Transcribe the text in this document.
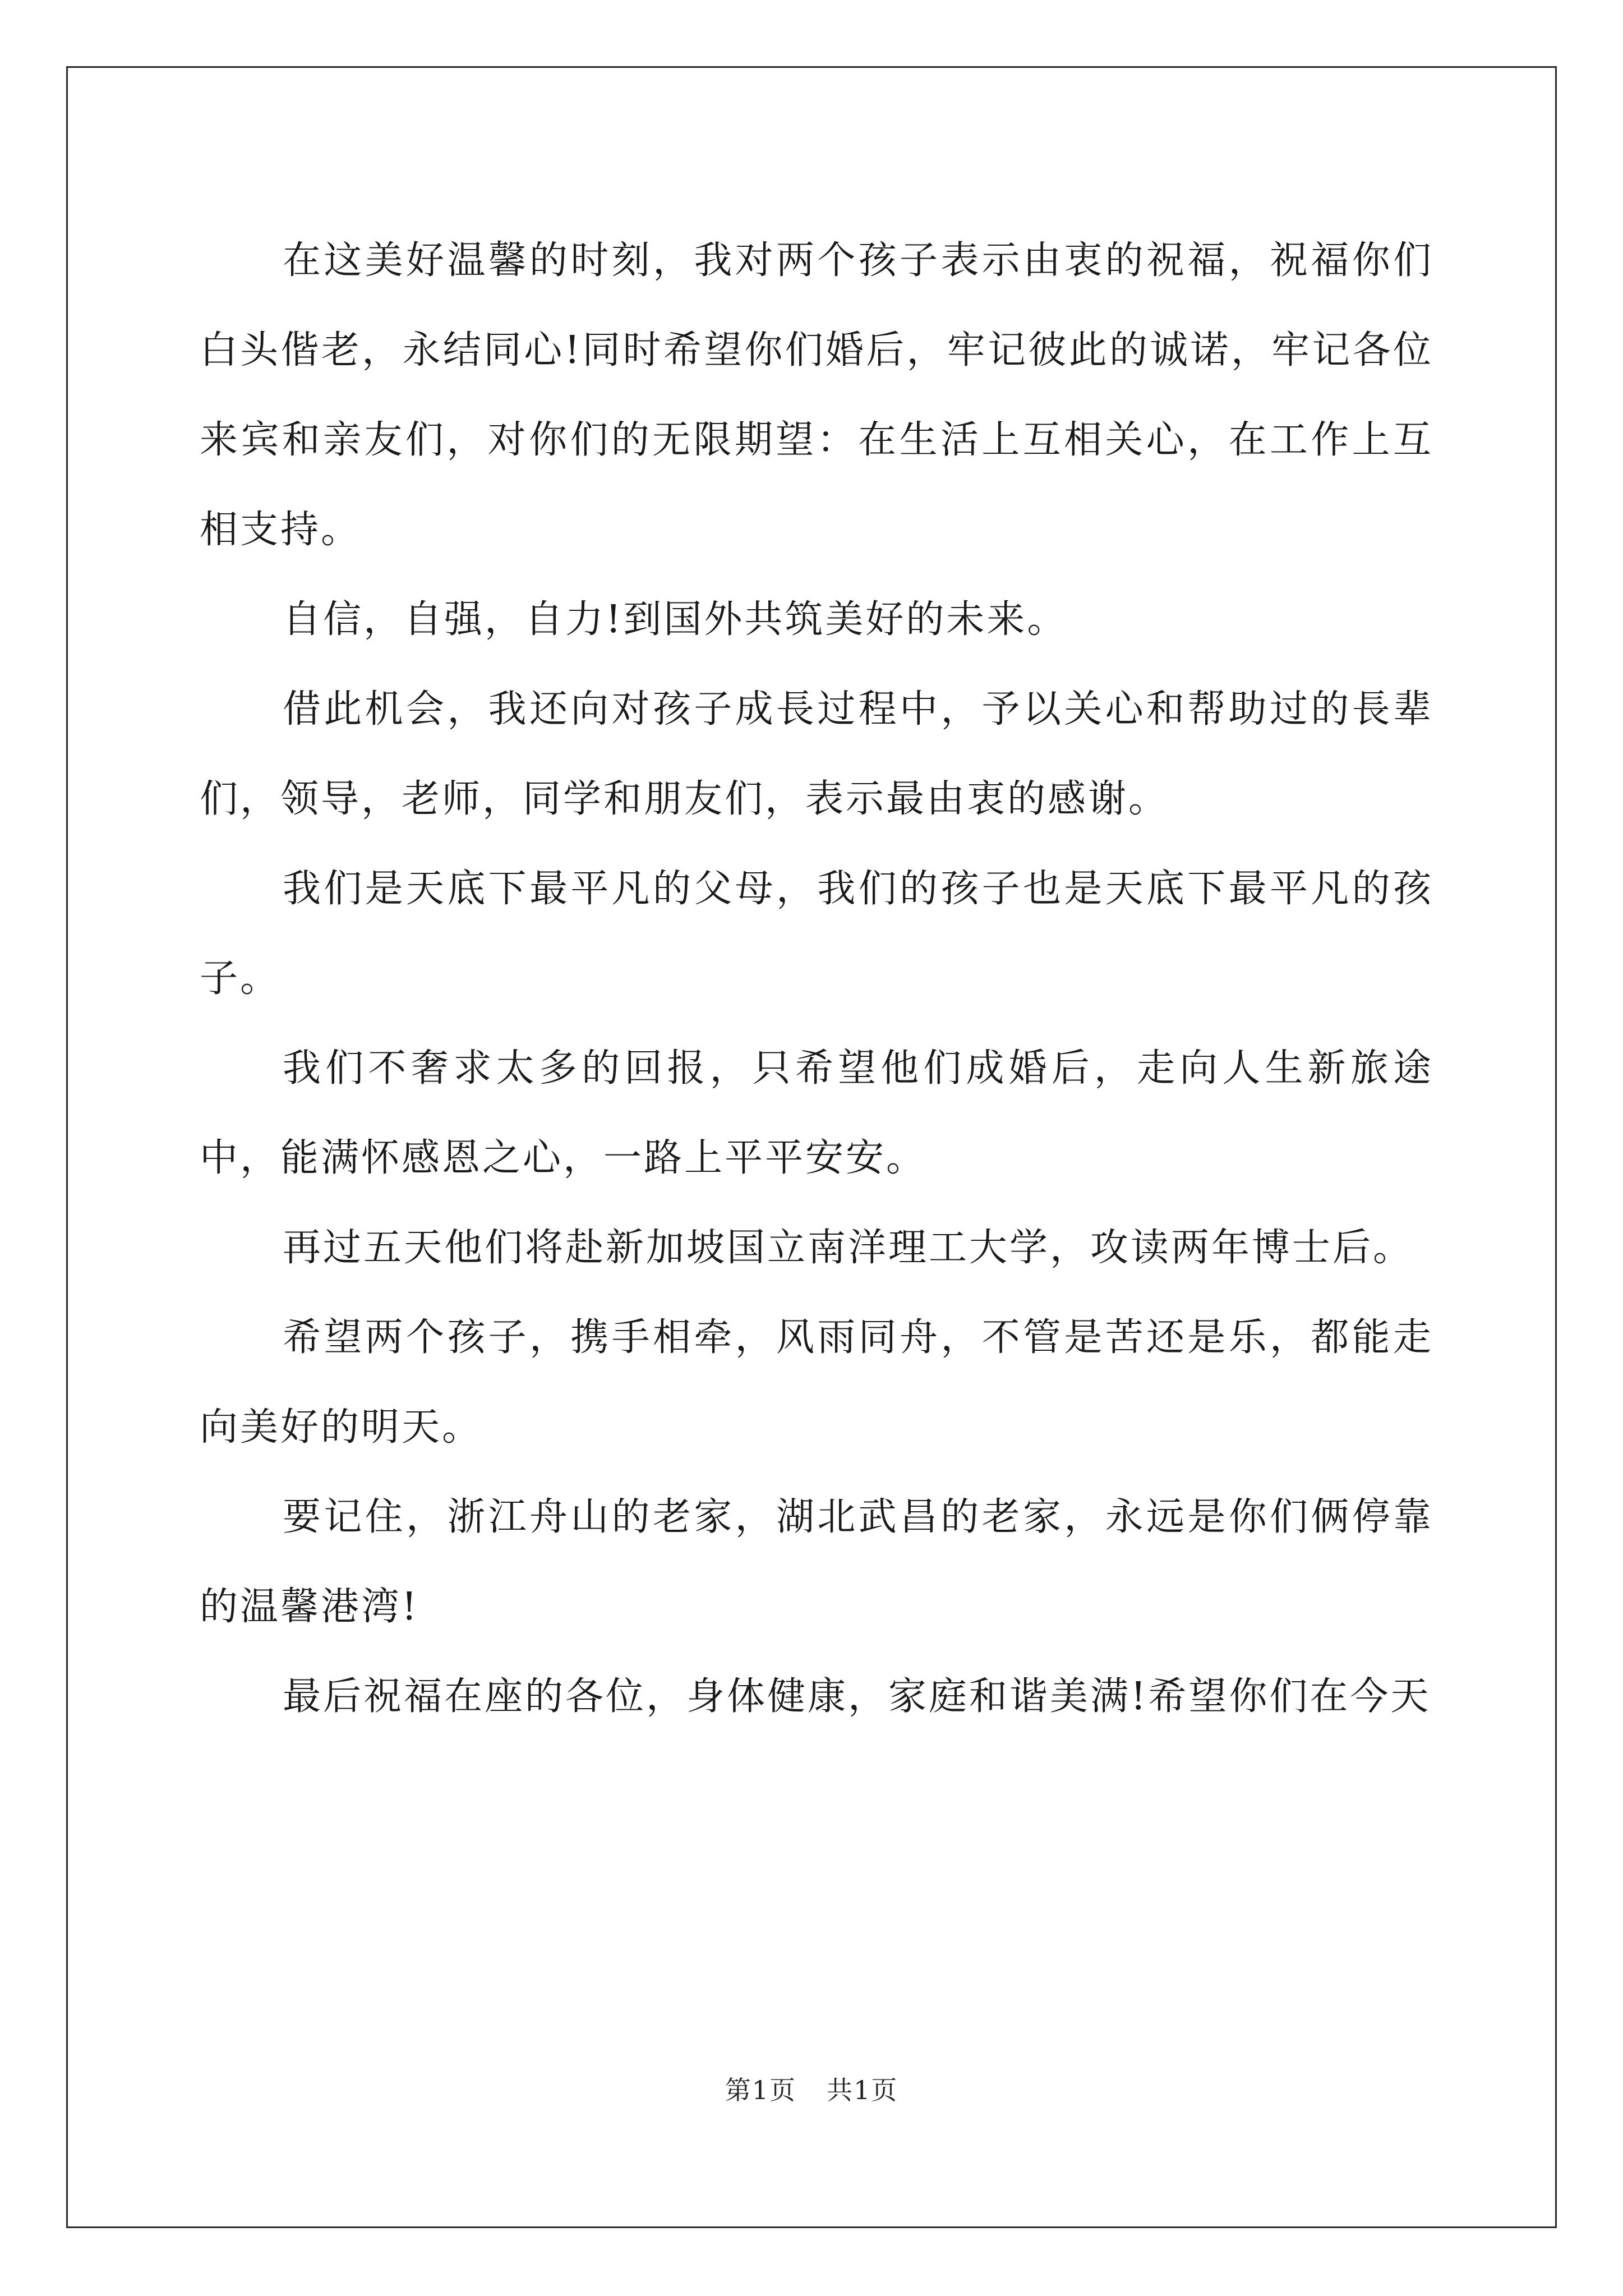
在这美好温馨的时刻，我对两个孩子表示由衷的祝福，祝福你们白头偕老，永结同心!同时希望你们婚后，牢记彼此的诚诺，牢记各位来宾和亲友们，对你们的无限期望：在生活上互相关心，在工作上互相支持。

自信，自强，自力!到国外共筑美好的未来。

借此机会，我还向对孩子成長过程中，予以关心和帮助过的長辈们，领导，老师，同学和朋友们，表示最由衷的感谢。

我们是天底下最平凡的父母，我们的孩子也是天底下最平凡的孩子。

我们不奢求太多的回报，只希望他们成婚后，走向人生新旅途中，能满怀感恩之心，一路上平平安安。

再过五天他们将赴新加坡国立南洋理工大学，攻读两年博士后。

希望两个孩子，携手相牵，风雨同舟，不管是苦还是乐，都能走向美好的明天。

要记住，浙江舟山的老家，湖北武昌的老家，永远是你们俩停靠的温馨港湾!

最后祝福在座的各位，身体健康，家庭和谐美满!希望你们在今天

第1页 共1页
